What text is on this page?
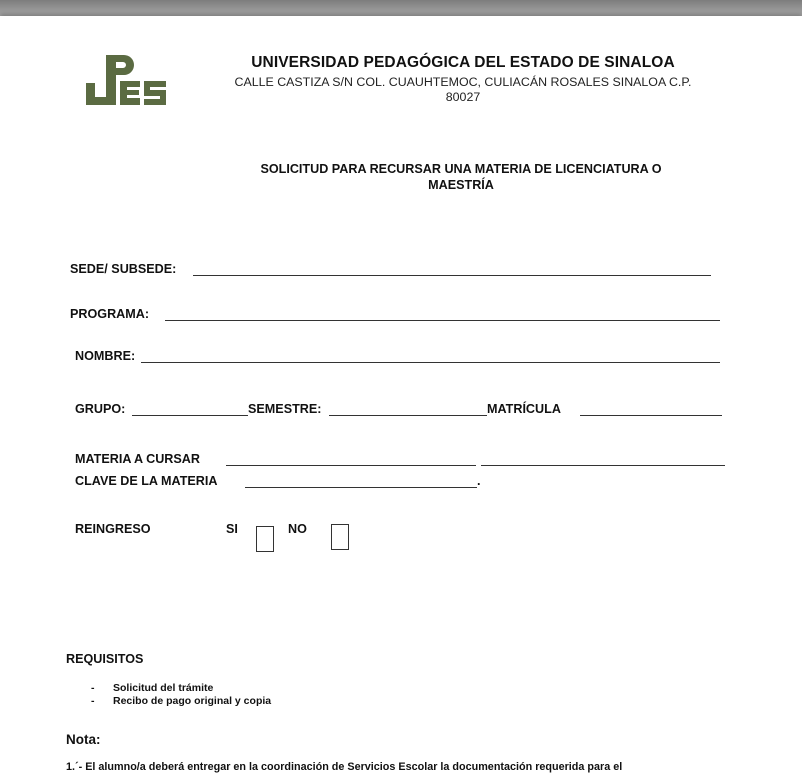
UNIVERSIDAD PEDAGÓGICA DEL ESTADO DE SINALOA
CALLE CASTIZA S/N COL. CUAUHTEMOC, CULIACÁN ROSALES SINALOA C.P.
80027
SOLICITUD PARA RECURSAR UNA MATERIA DE LICENCIATURA O
MAESTRÍA
SEDE/ SUBSEDE:
PROGRAMA:
NOMBRE:
GRUPO:	SEMESTRE:	MATRÍCULA
MATERIA A CURSAR
CLAVE DE LA MATERIA	.
REINGRESO	SI	NO
REQUISITOS
- Solicitud del trámite
- Recibo de pago original y copia
Nota:
1.´- El alumno/a deberá entregar en la coordinación de Servicios Escolar la documentación requerida para el
